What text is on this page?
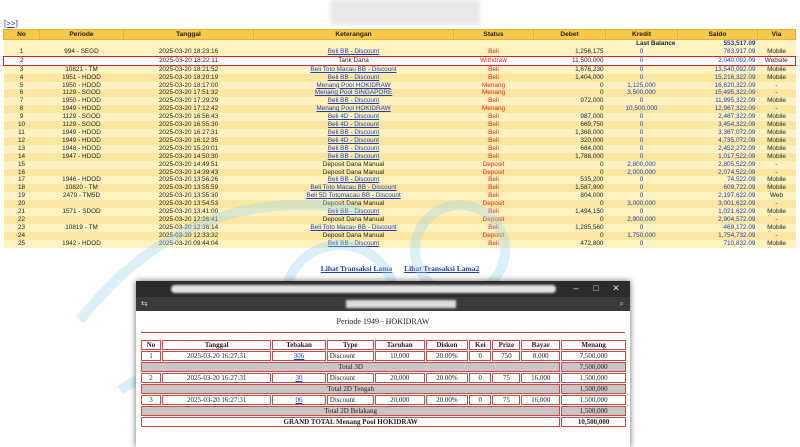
[>>]
No	Periode	Tanggal	Keterangan	Status	Debet	Kredit	Saldo	Via
Last Balance							553,517.09	
1	994 - SEGD	2025-03-20 18:23:16	Beli BB - Discount	Beli	1,256,175	0	783,917.09	Mobile
2		2025-03-20 18:22:11	Tarik Dana	Withdraw	11,500,000	0	2,040,092.09	Website
3	10821 - TM	2025-03-20 18:21:52	Beli Toto Macau BB - Discount	Beli	1,676,230	0	13,540,092.09	Mobile
4	1951 - HDOD	2025-03-20 18:20:19	Beli BB - Discount	Beli	1,404,000	0	15,216,322.09	Mobile
5	1950 - HDOD	2025-03-20 18:17:00	Menang Pool HOKIDRAW	Menang	0	1,125,000	16,620,322.09	-
6	1129 - SGOD	2025-03-20 17:51:32	Menang Pool SINGAPORE	Menang	0	3,500,000	15,495,322.09	-
7	1950 - HDOD	2025-03-20 17:29:29	Beli BB - Discount	Beli	972,000	0	11,995,322.09	Mobile
8	1949 - HDOD	2025-03-20 17:12:42	Menang Pool HOKIDRAW	Menang	0	10,500,000	12,967,322.09	-
9	1129 - SGOD	2025-03-20 16:56:43	Beli 4D - Discount	Beli	987,000	0	2,467,322.09	Mobile
10	1129 - SGOD	2025-03-20 16:55:30	Beli 4D - Discount	Beli	669,750	0	3,454,322.09	Mobile
11	1949 - HDOD	2025-03-20 16:27:31	Beli BB - Discount	Beli	1,368,000	0	3,367,072.09	Mobile
12	1949 - HDOD	2025-03-20 16:12:35	Beli 4D - Discount	Beli	320,000	0	4,735,072.09	Mobile
13	1948 - HDOD	2025-03-20 15:20:01	Beli BB - Discount	Beli	684,000	0	2,452,272.09	Mobile
14	1947 - HDOD	2025-03-20 14:50:30	Beli BB - Discount	Beli	1,788,000	0	1,017,522.09	Mobile
15		2025-03-20 14:49:51	Deposit Dana Manual	Deposit	0	2,800,000	2,805,522.09	-
16		2025-03-20 14:39:43	Deposit Dana Manual	Deposit	0	2,000,000	2,074,522.09	-
17	1946 - HDOD	2025-03-20 13:56:26	Beli BB - Discount	Beli	535,200	0	74,522.09	Mobile
18	10820 - TM	2025-03-20 13:55:59	Beli Toto Macau BB - Discount	Beli	1,587,900	0	609,722.09	Mobile
19	2479 - TM5D	2025-03-20 13:55:30	Beli 5D Totomacau BB - Discount	Beli	804,000	0	2,197,622.09	Web
20		2025-03-20 13:54:53	Deposit Dana Manual	Deposit	0	3,000,000	3,001,622.09	-
21	1571 - SDOD	2025-03-20 13:41:00	Beli BB - Discount	Beli	1,494,150	0	1,021,622.09	Mobile
22		2025-03-20 12:26:41	Deposit Dana Manual	Deposit	0	2,900,000	2,904,572.09	-
23	10819 - TM	2025-03-20 12:36:14	Beli Toto Macau BB - Discount	Beli	1,285,560	0	469,172.09	Mobile
24		2025-03-20 12:33:32	Deposit Dana Manual	Deposit	0	1,750,000	1,754,732.09	-
25	1942 - HDOD	2025-03-20 09:44:04	Beli BB - Discount	Beli	472,800	0	710,832.09	Mobile
Lihat Transaksi Lama Lihat Transaksi Lama2
–	□	✕
⇆	⌕
Periode 1949 - HOKIDRAW
No	Tanggal	Tebakan	Type	Taruhan	Diskon	Kei	Prize	Bayar	Menang
1	2025-03-20 16:27:31	306	Discount	10,000	20.00%	0	750	8,000	7,500,000
Total 3D									7,500,000
2	2025-03-20 16:27:31	30	Discount	20,000	20.00%	0	75	16,000	1,500,000
Total 2D Tengah									1,500,000
3	2025-03-20 16:27:31	06	Discount	20,000	20.00%	0	75	16,000	1,500,000
Total 2D Belakang									1,500,000
GRAND TOTAL Menang Pool HOKIDRAW									10,500,000
